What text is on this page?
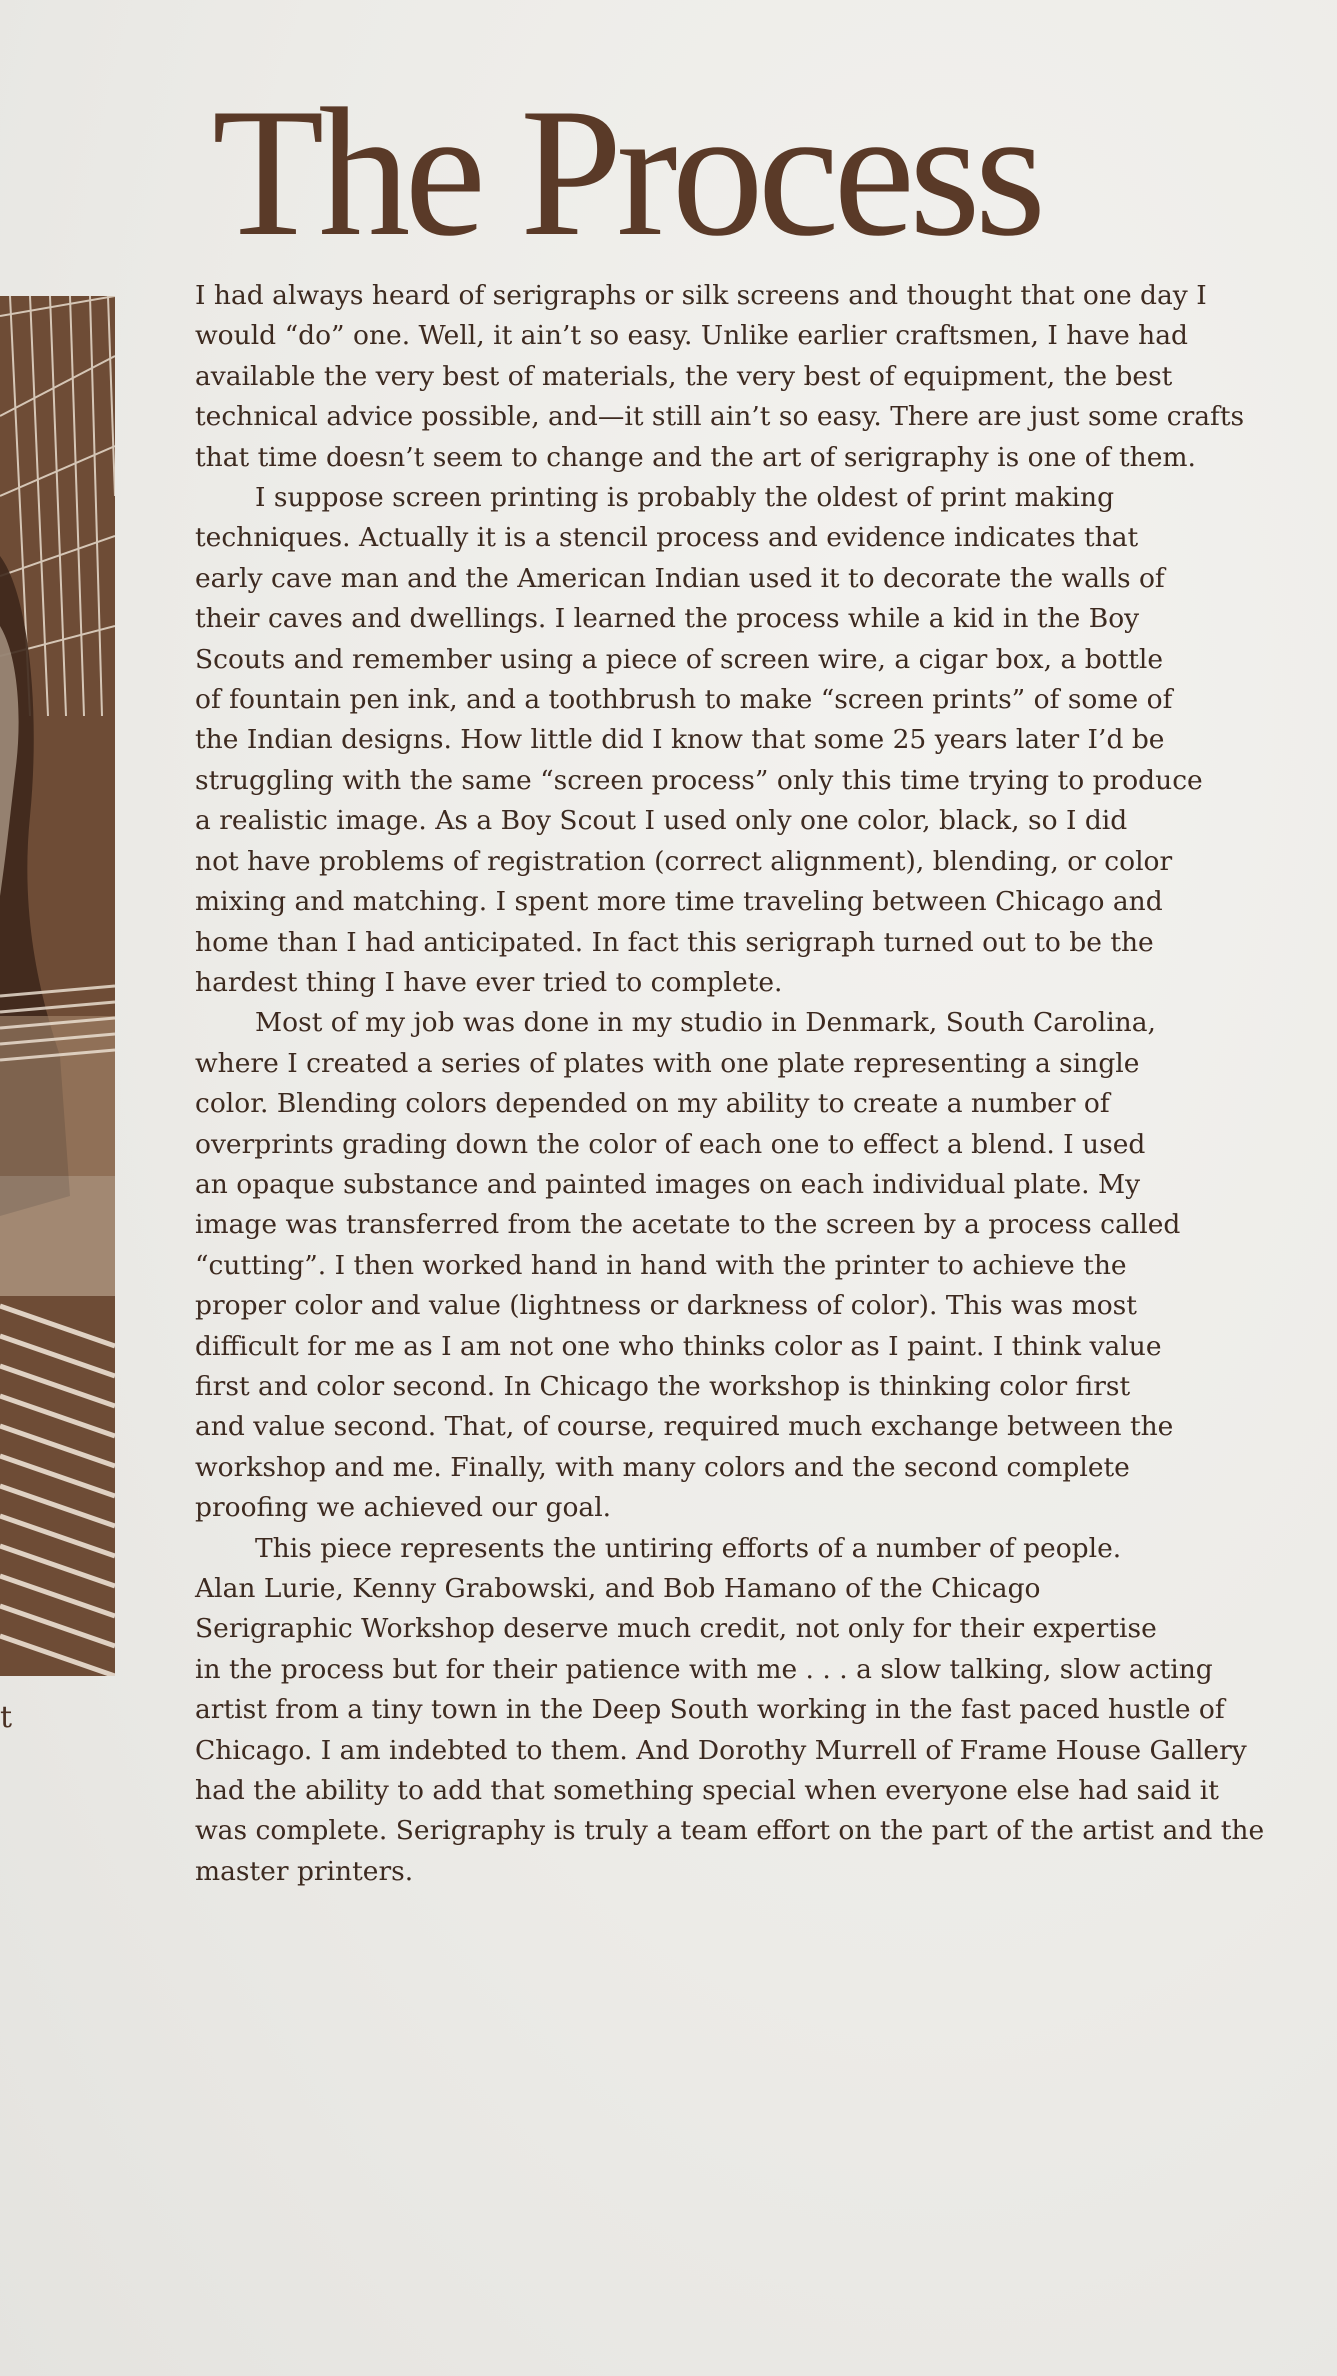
t
The Process

I had always heard of serigraphs or silk screens and thought that one day I
would “do” one. Well, it ain’t so easy. Unlike earlier craftsmen, I have had
available the very best of materials, the very best of equipment, the best
technical advice possible, and—it still ain’t so easy. There are just some crafts
that time doesn’t seem to change and the art of serigraphy is one of them.

I suppose screen printing is probably the oldest of print making
techniques. Actually it is a stencil process and evidence indicates that
early cave man and the American Indian used it to decorate the walls of
their caves and dwellings. I learned the process while a kid in the Boy
Scouts and remember using a piece of screen wire, a cigar box, a bottle
of fountain pen ink, and a toothbrush to make “screen prints” of some of
the Indian designs. How little did I know that some 25 years later I’d be
struggling with the same “screen process” only this time trying to produce
a realistic image. As a Boy Scout I used only one color, black, so I did
not have problems of registration (correct alignment), blending, or color
mixing and matching. I spent more time traveling between Chicago and
home than I had anticipated. In fact this serigraph turned out to be the
hardest thing I have ever tried to complete.

Most of my job was done in my studio in Denmark, South Carolina,
where I created a series of plates with one plate representing a single
color. Blending colors depended on my ability to create a number of
overprints grading down the color of each one to effect a blend. I used
an opaque substance and painted images on each individual plate. My
image was transferred from the acetate to the screen by a process called
“cutting”. I then worked hand in hand with the printer to achieve the
proper color and value (lightness or darkness of color). This was most
difficult for me as I am not one who thinks color as I paint. I think value
first and color second. In Chicago the workshop is thinking color first
and value second. That, of course, required much exchange between the
workshop and me. Finally, with many colors and the second complete
proofing we achieved our goal.

This piece represents the untiring efforts of a number of people.
Alan Lurie, Kenny Grabowski, and Bob Hamano of the Chicago
Serigraphic Workshop deserve much credit, not only for their expertise
in the process but for their patience with me . . . a slow talking, slow acting
artist from a tiny town in the Deep South working in the fast paced hustle of
Chicago. I am indebted to them. And Dorothy Murrell of Frame House Gallery
had the ability to add that something special when everyone else had said it
was complete. Serigraphy is truly a team effort on the part of the artist and the
master printers.
